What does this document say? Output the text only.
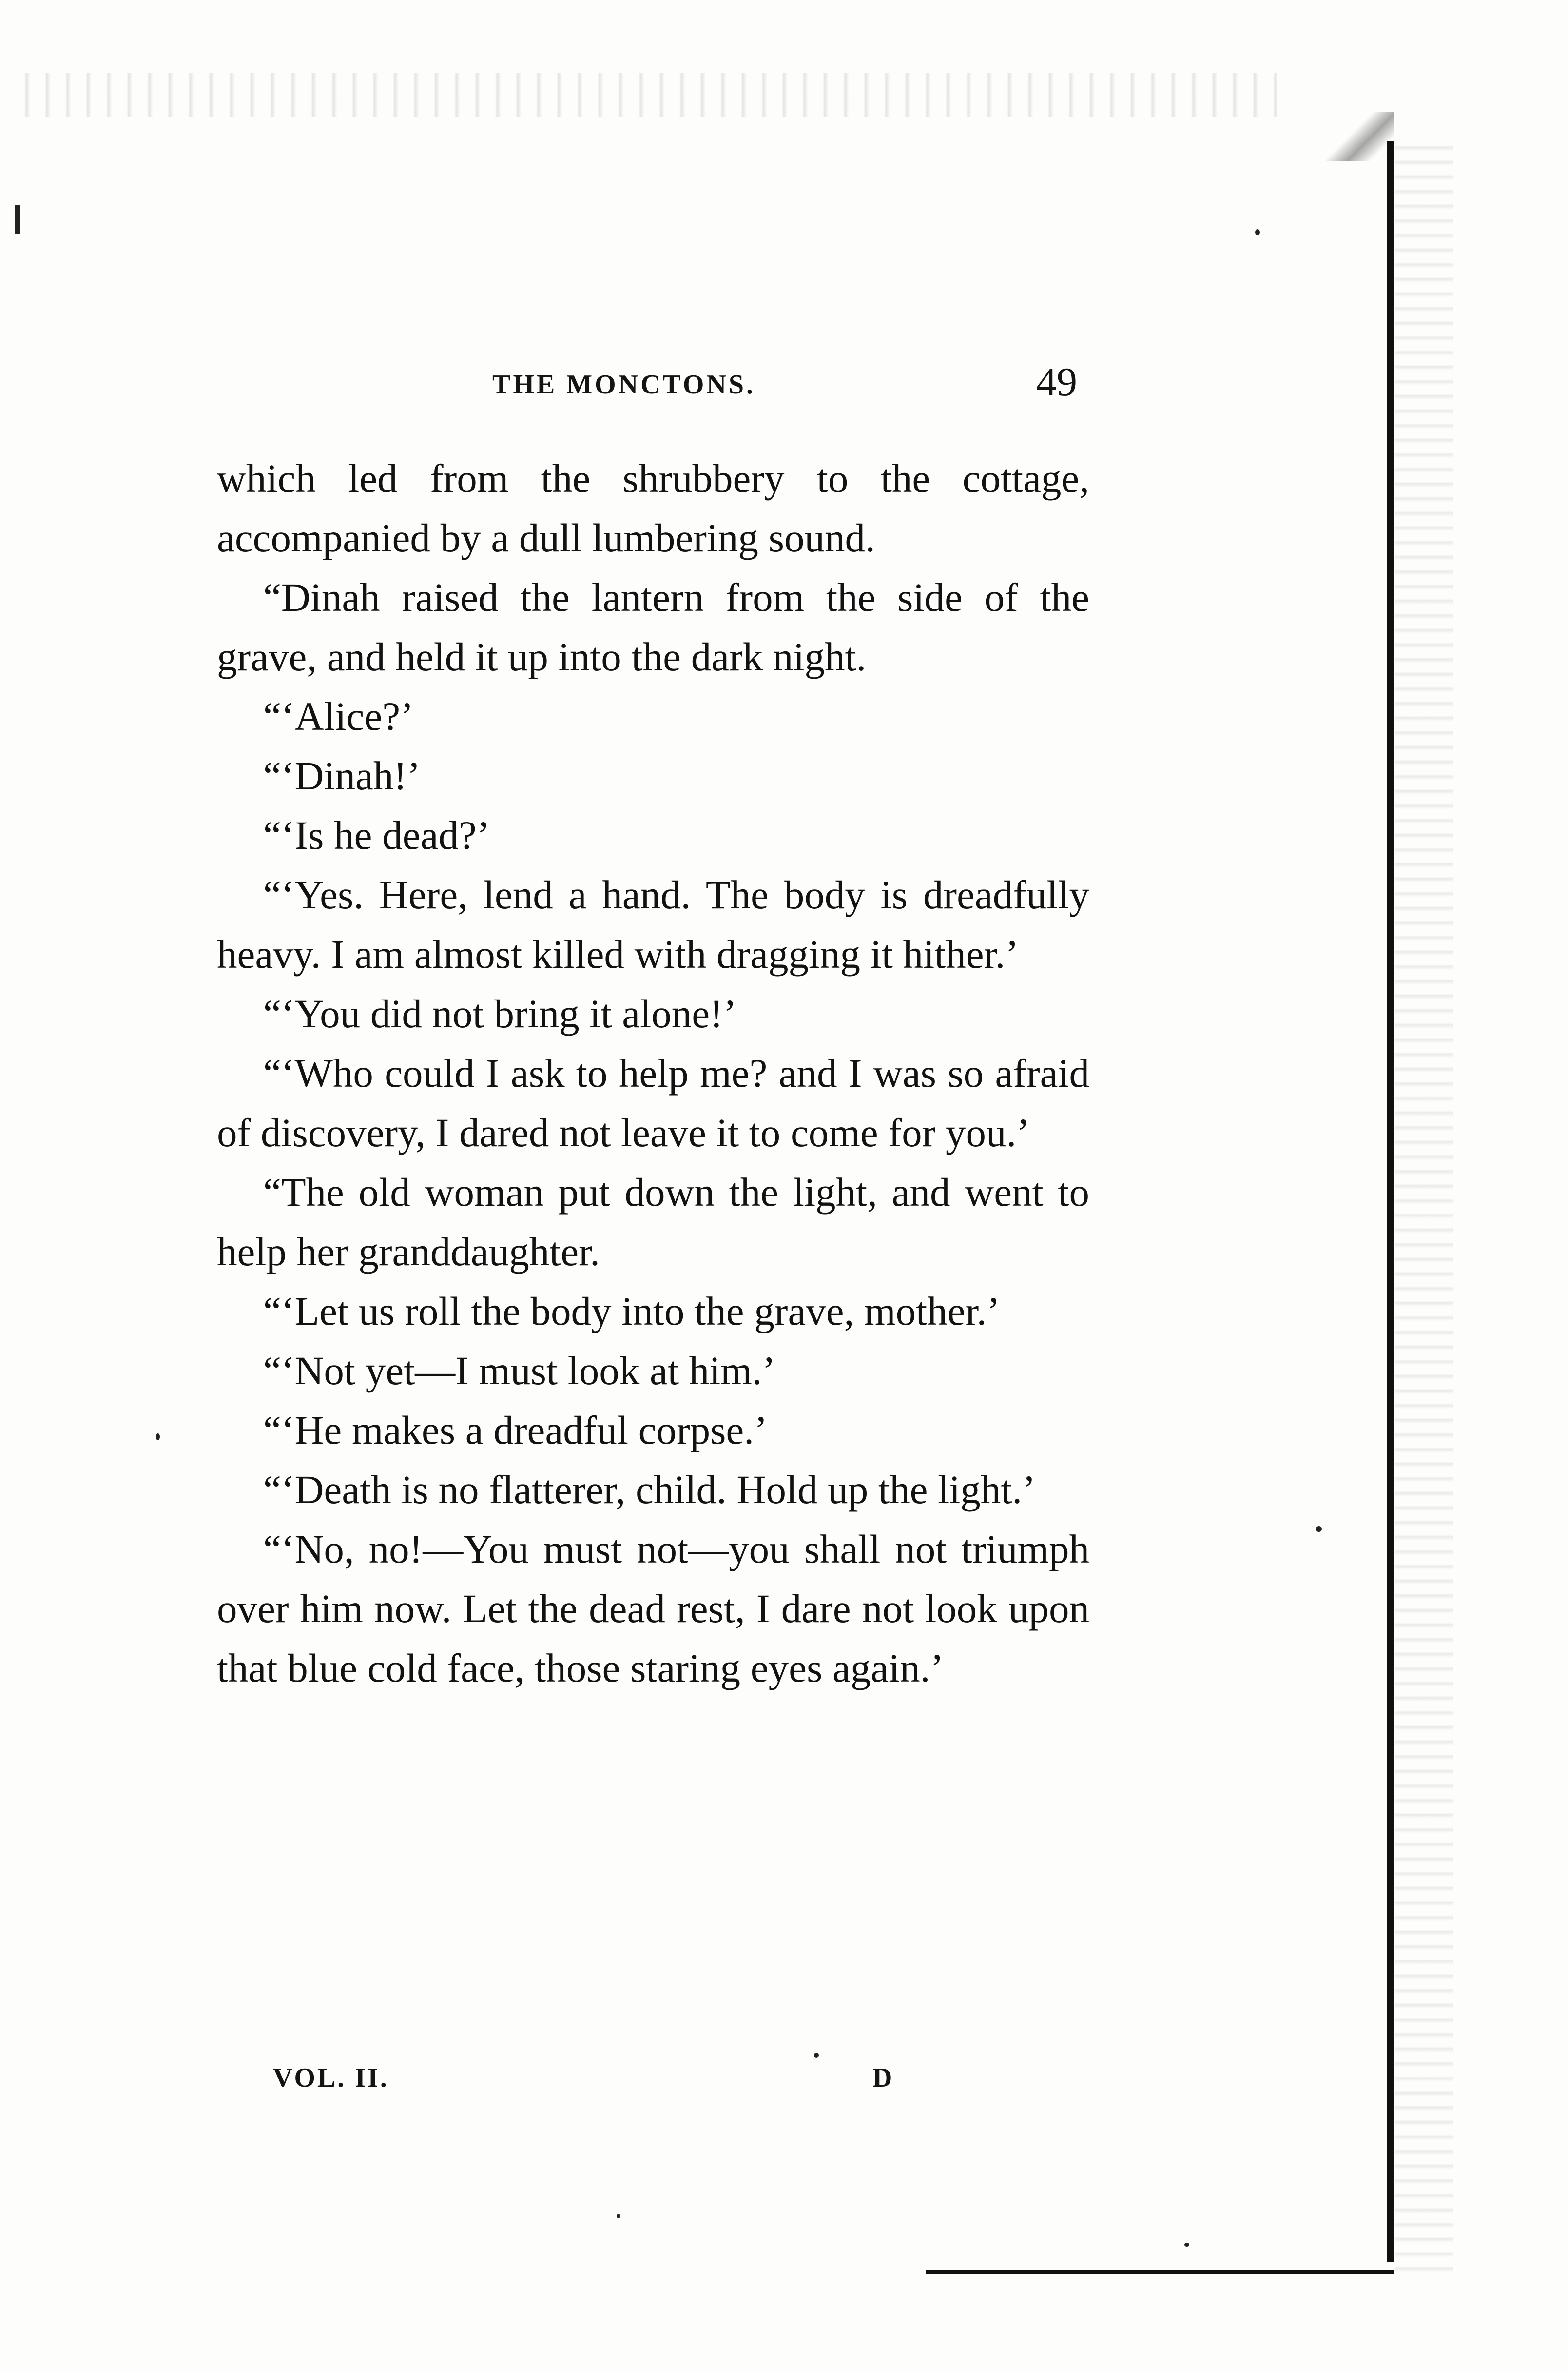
THE MONCTONS.	49

which led from the shrubbery to the cottage, accompanied by a dull lumbering sound.

“Dinah raised the lantern from the side of the grave, and held it up into the dark night.

“‘Alice?’

“‘Dinah!’

“‘Is he dead?’

“‘Yes. Here, lend a hand. The body is dreadfully heavy. I am almost killed with dragging it hither.’

“‘You did not bring it alone!’

“‘Who could I ask to help me? and I was so afraid of discovery, I dared not leave it to come for you.’

“The old woman put down the light, and went to help her granddaughter.

“‘Let us roll the body into the grave, mother.’

“‘Not yet—I must look at him.’

“‘He makes a dreadful corpse.’

“‘Death is no flatterer, child. Hold up the light.’

“‘No, no!—You must not—you shall not triumph over him now. Let the dead rest, I dare not look upon that blue cold face, those staring eyes again.’

VOL. II.	D
